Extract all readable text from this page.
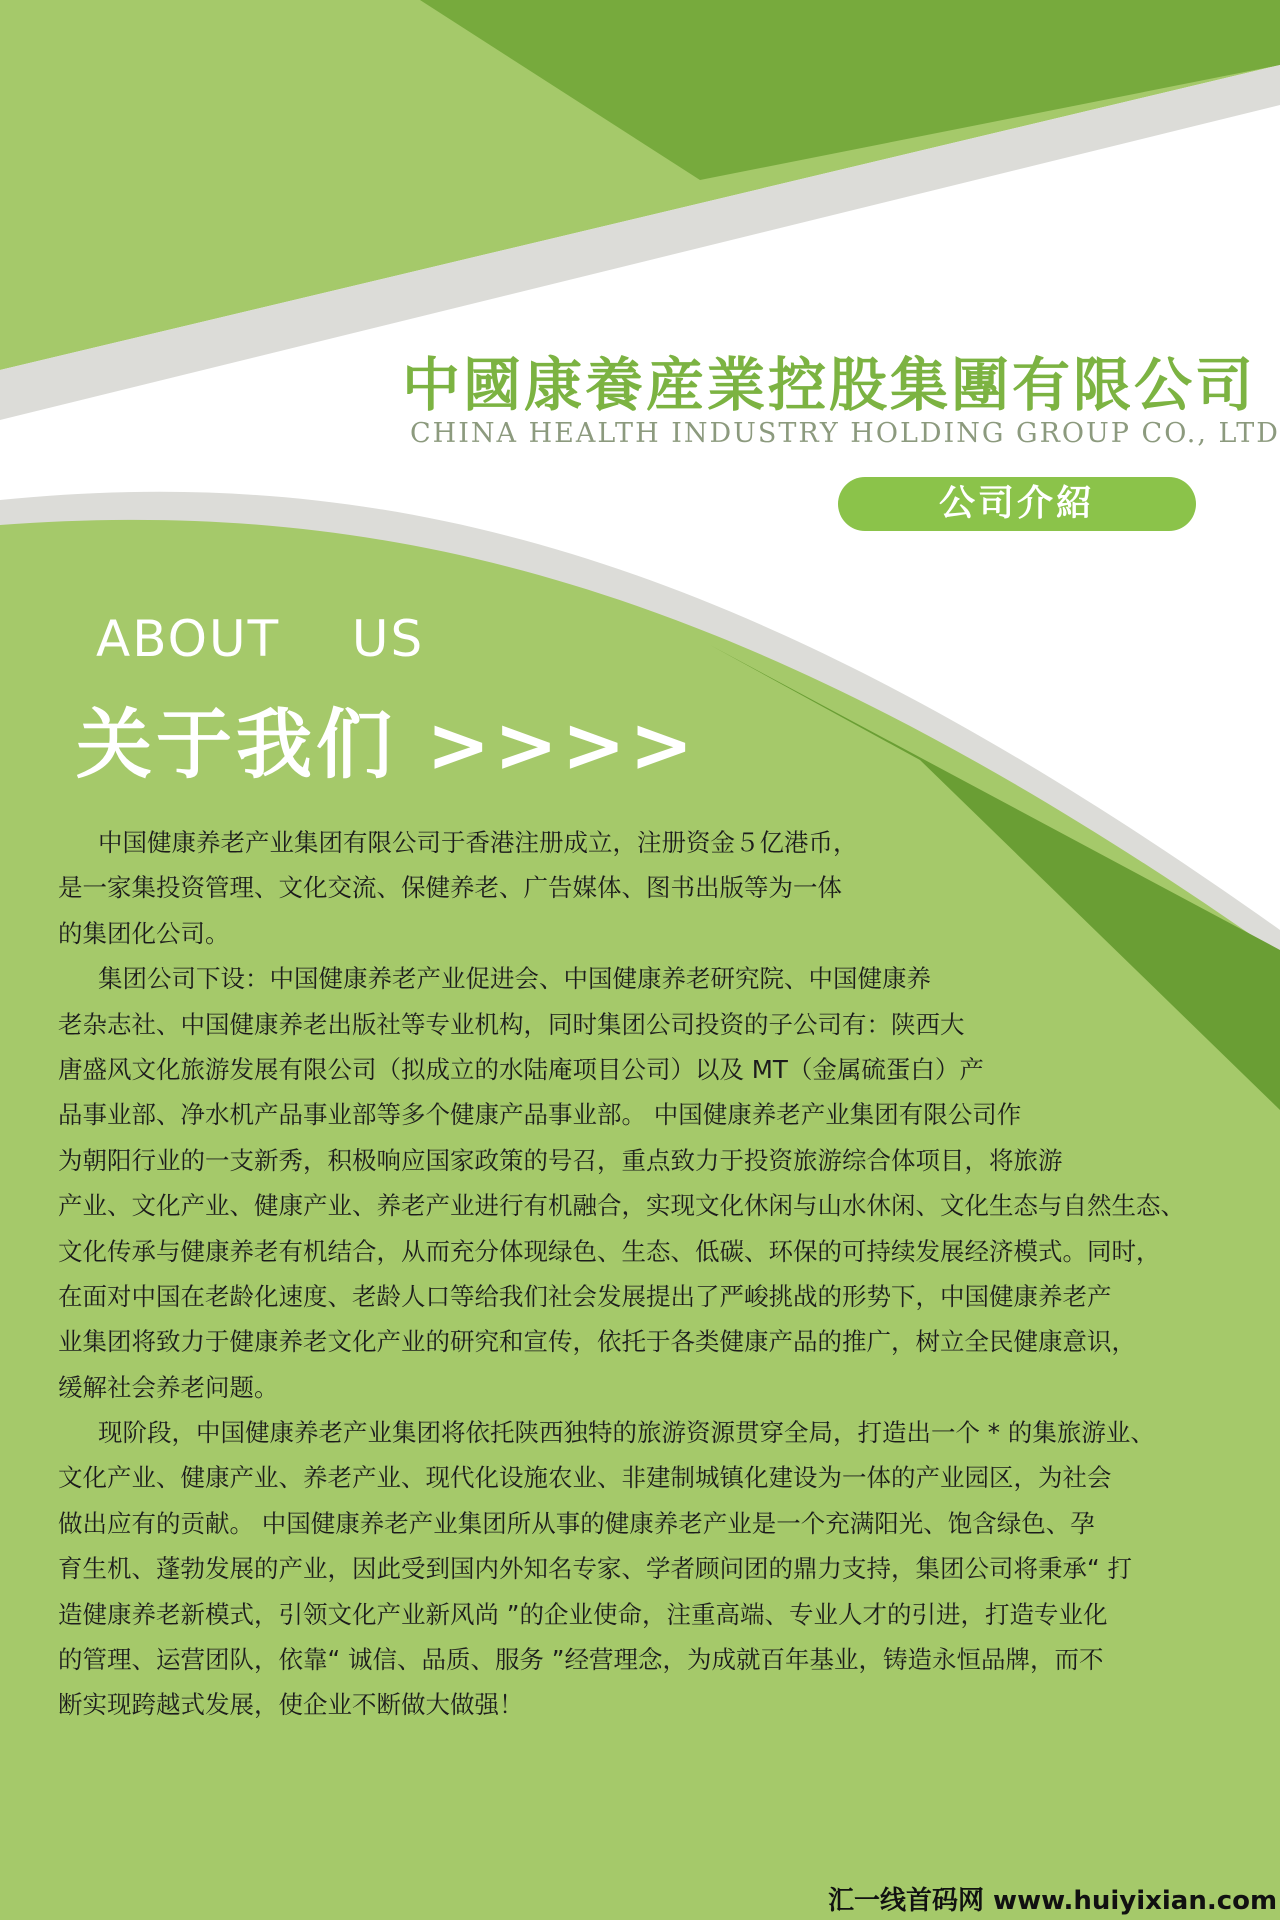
中國康養産業控股集團有限公司
CHINA HEALTH INDUSTRY HOLDING GROUP CO., LTD
公司介紹
ABOUT  US
关于我们 >>>>
中国健康养老产业集团有限公司于香港注册成立，注册资金５亿港币，
是一家集投资管理、文化交流、保健养老、广告媒体、图书出版等为一体
的集团化公司。
集团公司下设：中国健康养老产业促进会、中国健康养老研究院、中国健康养
老杂志社、中国健康养老出版社等专业机构，同时集团公司投资的子公司有：陕西大
唐盛风文化旅游发展有限公司（拟成立的水陆庵项目公司）以及 MT（金属硫蛋白）产
品事业部、净水机产品事业部等多个健康产品事业部。 中国健康养老产业集团有限公司作
为朝阳行业的一支新秀，积极响应国家政策的号召，重点致力于投资旅游综合体项目，将旅游
产业、文化产业、健康产业、养老产业进行有机融合，实现文化休闲与山水休闲、文化生态与自然生态、
文化传承与健康养老有机结合，从而充分体现绿色、生态、低碳、环保的可持续发展经济模式。同时，
在面对中国在老龄化速度、老龄人口等给我们社会发展提出了严峻挑战的形势下，中国健康养老产
业集团将致力于健康养老文化产业的研究和宣传，依托于各类健康产品的推广，树立全民健康意识，
缓解社会养老问题。
现阶段，中国健康养老产业集团将依托陕西独特的旅游资源贯穿全局，打造出一个 * 的集旅游业、
文化产业、健康产业、养老产业、现代化设施农业、非建制城镇化建设为一体的产业园区，为社会
做出应有的贡献。 中国健康养老产业集团所从事的健康养老产业是一个充满阳光、饱含绿色、孕
育生机、蓬勃发展的产业，因此受到国内外知名专家、学者顾问团的鼎力支持，集团公司将秉承“ 打
造健康养老新模式，引领文化产业新风尚 ”的企业使命，注重高端、专业人才的引进，打造专业化
的管理、运营团队，依靠“ 诚信、品质、服务 ”经营理念，为成就百年基业，铸造永恒品牌，而不
断实现跨越式发展，使企业不断做大做强！
汇一线首码网 www.huiyixian.com
